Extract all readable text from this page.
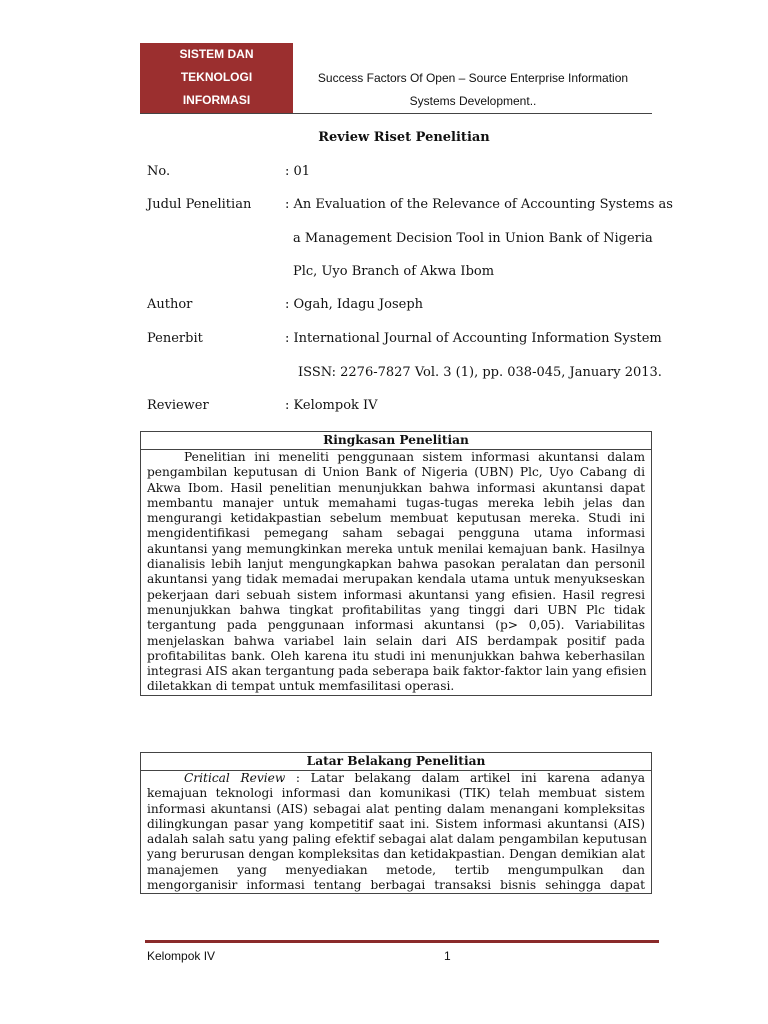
SISTEM DAN
TEKNOLOGI
INFORMASI
Success Factors Of Open – Source Enterprise Information
Systems Development..
Review Riset Penelitian
No.	: 01
Judul Penelitian	: An Evaluation of the Relevance of Accounting Systems as
a Management Decision Tool in Union Bank of Nigeria
Plc, Uyo Branch of Akwa Ibom
Author	: Ogah, Idagu Joseph
Penerbit	: International Journal of Accounting Information System
ISSN: 2276-7827 Vol. 3 (1), pp. 038-045, January 2013.
Reviewer	: Kelompok IV
Ringkasan Penelitian
Penelitian ini meneliti penggunaan sistem informasi akuntansi dalam
pengambilan keputusan di Union Bank of Nigeria (UBN) Plc, Uyo Cabang di
Akwa Ibom. Hasil penelitian menunjukkan bahwa informasi akuntansi dapat
membantu manajer untuk memahami tugas-tugas mereka lebih jelas dan
mengurangi ketidakpastian sebelum membuat keputusan mereka. Studi ini
mengidentifikasi pemegang saham sebagai pengguna utama informasi
akuntansi yang memungkinkan mereka untuk menilai kemajuan bank. Hasilnya
dianalisis lebih lanjut mengungkapkan bahwa pasokan peralatan dan personil
akuntansi yang tidak memadai merupakan kendala utama untuk menyukseskan
pekerjaan dari sebuah sistem informasi akuntansi yang efisien. Hasil regresi
menunjukkan bahwa tingkat profitabilitas yang tinggi dari UBN Plc tidak
tergantung pada penggunaan informasi akuntansi (p> 0,05). Variabilitas
menjelaskan bahwa variabel lain selain dari AIS berdampak positif pada
profitabilitas bank. Oleh karena itu studi ini menunjukkan bahwa keberhasilan
integrasi AIS akan tergantung pada seberapa baik faktor-faktor lain yang efisien
diletakkan di tempat untuk memfasilitasi operasi.
Latar Belakang Penelitian
Critical Review : Latar belakang dalam artikel ini karena adanya
kemajuan teknologi informasi dan komunikasi (TIK) telah membuat sistem
informasi akuntansi (AIS) sebagai alat penting dalam menangani kompleksitas
dilingkungan pasar yang kompetitif saat ini. Sistem informasi akuntansi (AIS)
adalah salah satu yang paling efektif sebagai alat dalam pengambilan keputusan
yang berurusan dengan kompleksitas dan ketidakpastian. Dengan demikian alat
manajemen yang menyediakan metode, tertib mengumpulkan dan
mengorganisir informasi tentang berbagai transaksi bisnis sehingga dapat
Kelompok IV	1
